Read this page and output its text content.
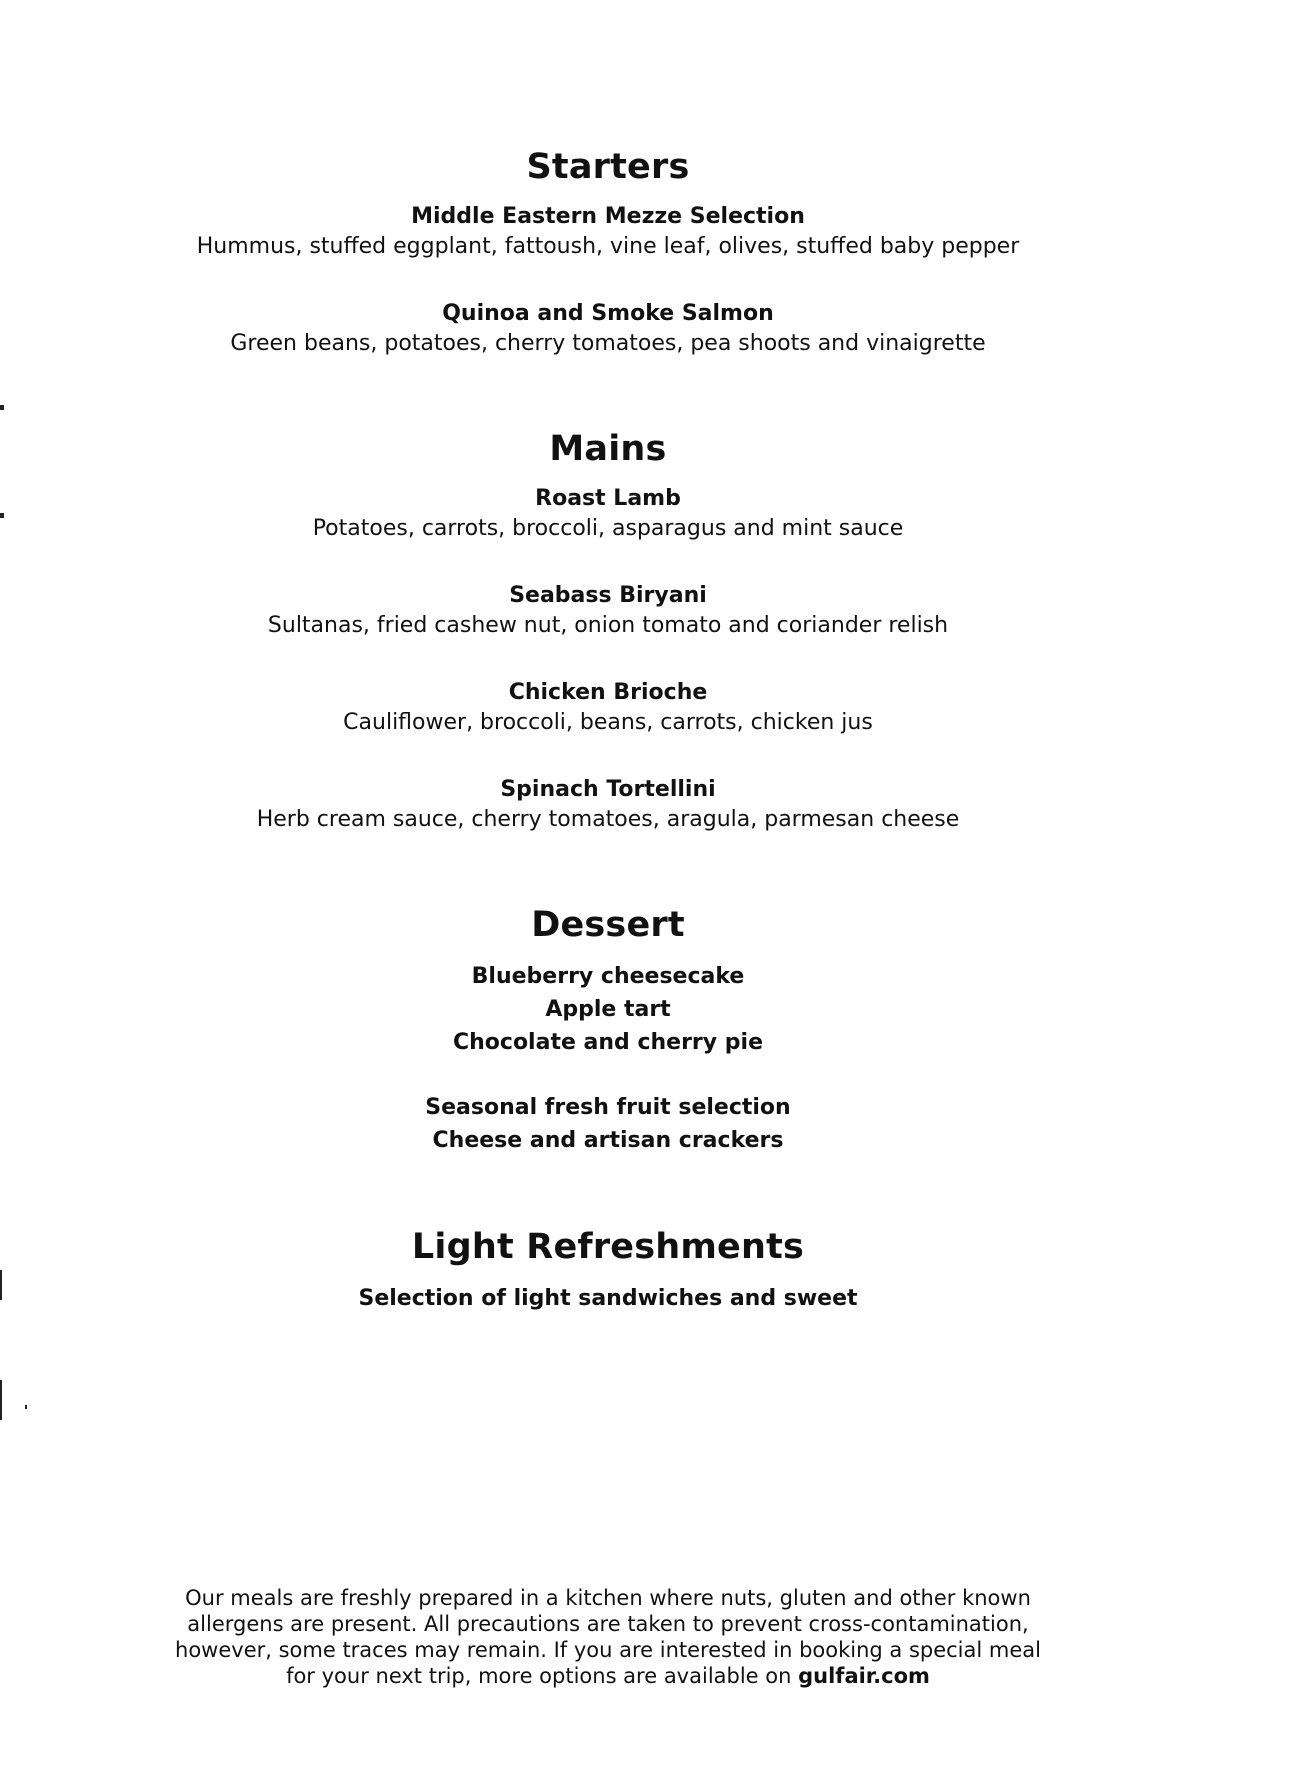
Starters

Middle Eastern Mezze Selection

Hummus, stuffed eggplant, fattoush, vine leaf, olives, stuffed baby pepper

Quinoa and Smoke Salmon

Green beans, potatoes, cherry tomatoes, pea shoots and vinaigrette

Mains

Roast Lamb

Potatoes, carrots, broccoli, asparagus and mint sauce

Seabass Biryani

Sultanas, fried cashew nut, onion tomato and coriander relish

Chicken Brioche

Cauliflower, broccoli, beans, carrots, chicken jus

Spinach Tortellini

Herb cream sauce, cherry tomatoes, aragula, parmesan cheese

Dessert

Blueberry cheesecake

Apple tart

Chocolate and cherry pie

Seasonal fresh fruit selection

Cheese and artisan crackers

Light Refreshments

Selection of light sandwiches and sweet

Our meals are freshly prepared in a kitchen where nuts, gluten and other known
allergens are present. All precautions are taken to prevent cross-contamination,
however, some traces may remain. If you are interested in booking a special meal
for your next trip, more options are available on gulfair.com
